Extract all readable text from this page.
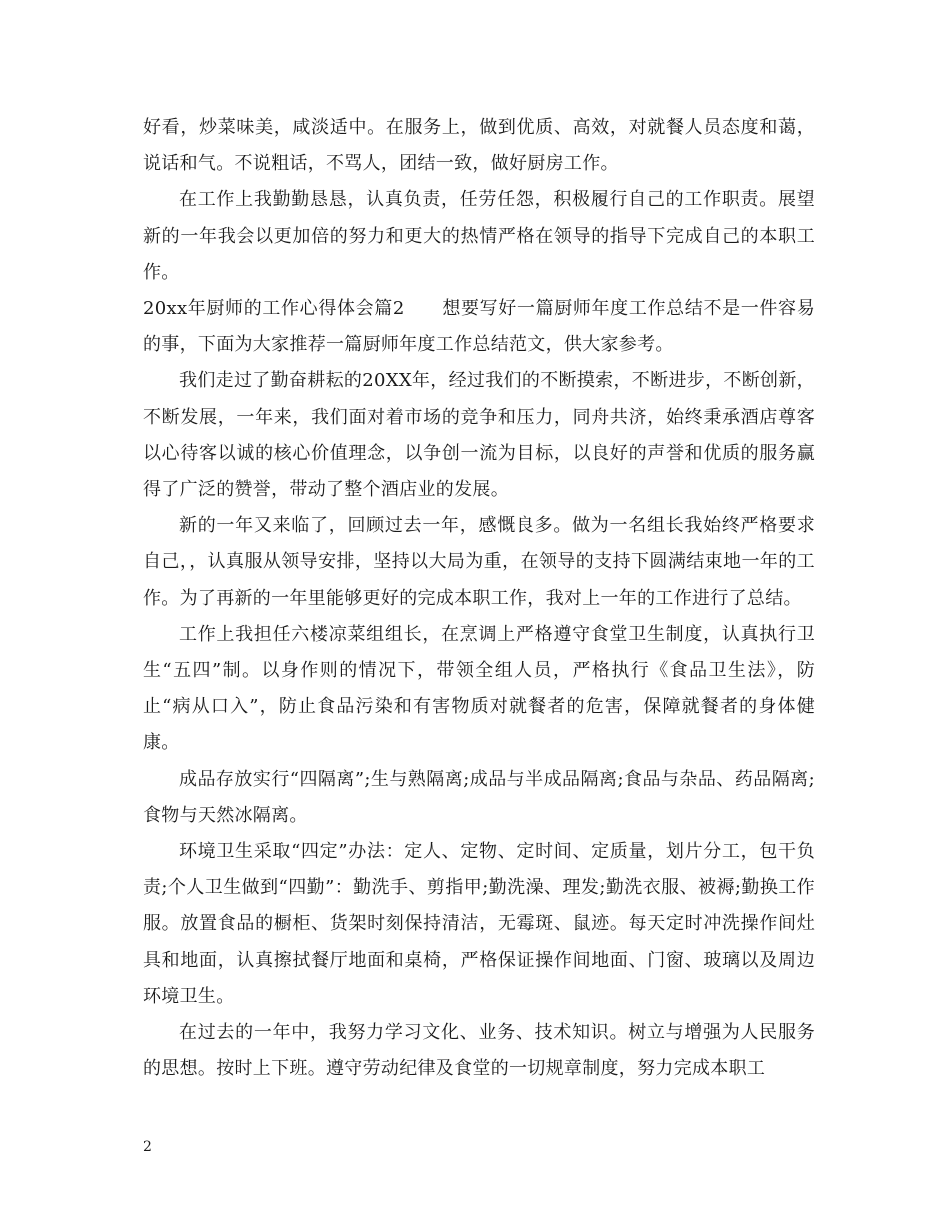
好看，炒菜味美，咸淡适中。在服务上，做到优质、高效，对就餐人员态度和蔼，说话和气。不说粗话，不骂人，团结一致，做好厨房工作。

在工作上我勤勤恳恳，认真负责，任劳任怨，积极履行自己的工作职责。展望新的一年我会以更加倍的努力和更大的热情严格在领导的指导下完成自己的本职工作。

20xx年厨师的工作心得体会篇2　　想要写好一篇厨师年度工作总结不是一件容易的事，下面为大家推荐一篇厨师年度工作总结范文，供大家参考。

我们走过了勤奋耕耘的20XX年，经过我们的不断摸索，不断进步，不断创新，不断发展，一年来，我们面对着市场的竞争和压力，同舟共济，始终秉承酒店尊客以心待客以诚的核心价值理念，以争创一流为目标，以良好的声誉和优质的服务赢得了广泛的赞誉，带动了整个酒店业的发展。

新的一年又来临了，回顾过去一年，感慨良多。做为一名组长我始终严格要求自己，，认真服从领导安排，坚持以大局为重，在领导的支持下圆满结束地一年的工作。为了再新的一年里能够更好的完成本职工作，我对上一年的工作进行了总结。

工作上我担任六楼凉菜组组长，在烹调上严格遵守食堂卫生制度，认真执行卫生“五四”制。以身作则的情况下，带领全组人员，严格执行《食品卫生法》，防止“病从口入”，防止食品污染和有害物质对就餐者的危害，保障就餐者的身体健康。

成品存放实行“四隔离”;生与熟隔离;成品与半成品隔离;食品与杂品、药品隔离;食物与天然冰隔离。

环境卫生采取“四定”办法：定人、定物、定时间、定质量，划片分工，包干负责;个人卫生做到“四勤”：勤洗手、剪指甲;勤洗澡、理发;勤洗衣服、被褥;勤换工作服。放置食品的橱柜、货架时刻保持清洁，无霉斑、鼠迹。每天定时冲洗操作间灶具和地面，认真擦拭餐厅地面和桌椅，严格保证操作间地面、门窗、玻璃以及周边环境卫生。

在过去的一年中，我努力学习文化、业务、技术知识。树立与增强为人民服务的思想。按时上下班。遵守劳动纪律及食堂的一切规章制度，努力完成本职工

2
